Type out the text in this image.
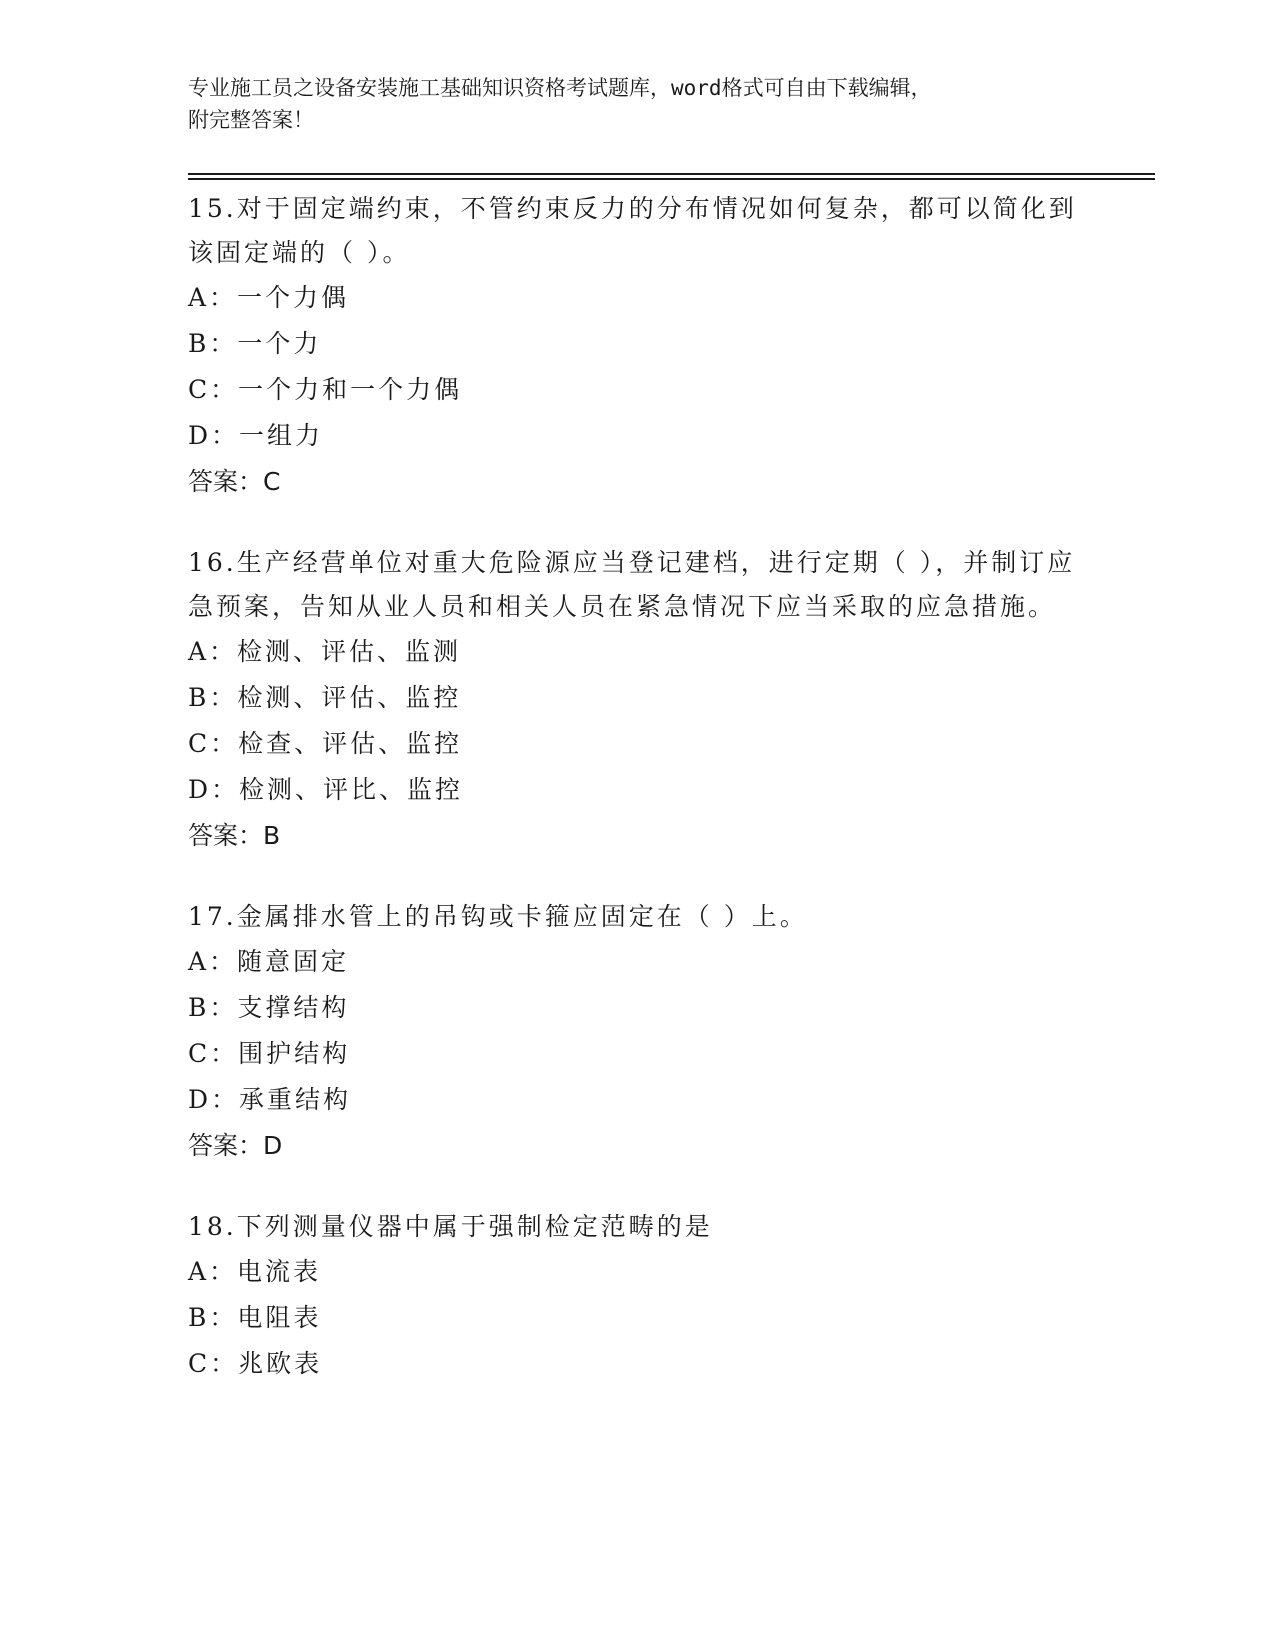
专业施工员之设备安装施工基础知识资格考试题库，word格式可自由下载编辑，
附完整答案！
15.对于固定端约束，不管约束反力的分布情况如何复杂，都可以简化到该固定端的（ ）。
A：一个力偶
B：一个力
C：一个力和一个力偶
D：一组力
答案：C
16.生产经营单位对重大危险源应当登记建档，进行定期（ ），并制订应急预案，告知从业人员和相关人员在紧急情况下应当采取的应急措施。
A：检测、评估、监测
B：检测、评估、监控
C：检查、评估、监控
D：检测、评比、监控
答案：B
17.金属排水管上的吊钩或卡箍应固定在（ ）上。
A：随意固定
B：支撑结构
C：围护结构
D：承重结构
答案：D
18.下列测量仪器中属于强制检定范畴的是
A：电流表
B：电阻表
C：兆欧表
